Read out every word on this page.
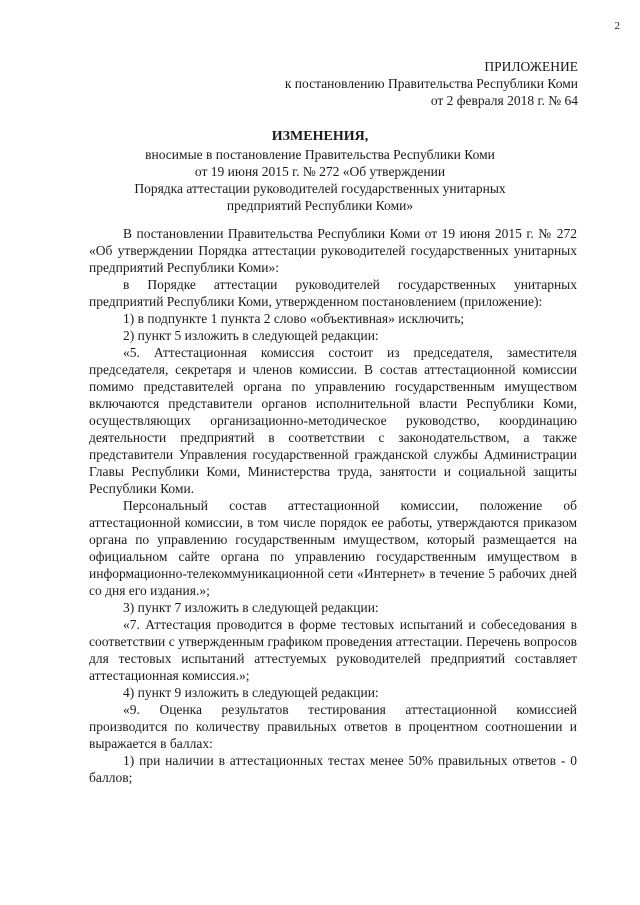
2
ПРИЛОЖЕНИЕ
к постановлению Правительства Республики Коми
от 2 февраля 2018 г. № 64
ИЗМЕНЕНИЯ,
вносимые в постановление Правительства Республики Коми
от 19 июня 2015 г. № 272 «Об утверждении
Порядка аттестации руководителей государственных унитарных
предприятий Республики Коми»

В постановлении Правительства Республики Коми от 19 июня 2015 г. № 272 «Об утверждении Порядка аттестации руководителей государственных унитарных предприятий Республики Коми»:

в Порядке аттестации руководителей государственных унитарных предприятий Республики Коми, утвержденном постановлением (приложение):

1) в подпункте 1 пункта 2 слово «объективная» исключить;

2) пункт 5 изложить в следующей редакции:

«5. Аттестационная комиссия состоит из председателя, заместителя председателя, секретаря и членов комиссии. В состав аттестационной комиссии помимо представителей органа по управлению государственным имуществом включаются представители органов исполнительной власти Республики Коми, осуществляющих организационно-методическое руководство, координацию деятельности предприятий в соответствии с законодательством, а также представители Управления государственной гражданской службы Администрации Главы Республики Коми, Министерства труда, занятости и социальной защиты Республики Коми.

Персональный состав аттестационной комиссии, положение об аттестационной комиссии, в том числе порядок ее работы, утверждаются приказом органа по управлению государственным имуществом, который размещается на официальном сайте органа по управлению государственным имуществом в информационно-телекоммуникационной сети «Интернет» в течение 5 рабочих дней со дня его издания.»;

3) пункт 7 изложить в следующей редакции:

«7. Аттестация проводится в форме тестовых испытаний и собеседования в соответствии с утвержденным графиком проведения аттестации. Перечень вопросов для тестовых испытаний аттестуемых руководителей предприятий составляет аттестационная комиссия.»;

4) пункт 9 изложить в следующей редакции:

«9. Оценка результатов тестирования аттестационной комиссией производится по количеству правильных ответов в процентном соотношении и выражается в баллах:

1) при наличии в аттестационных тестах менее 50% правильных ответов - 0 баллов;
